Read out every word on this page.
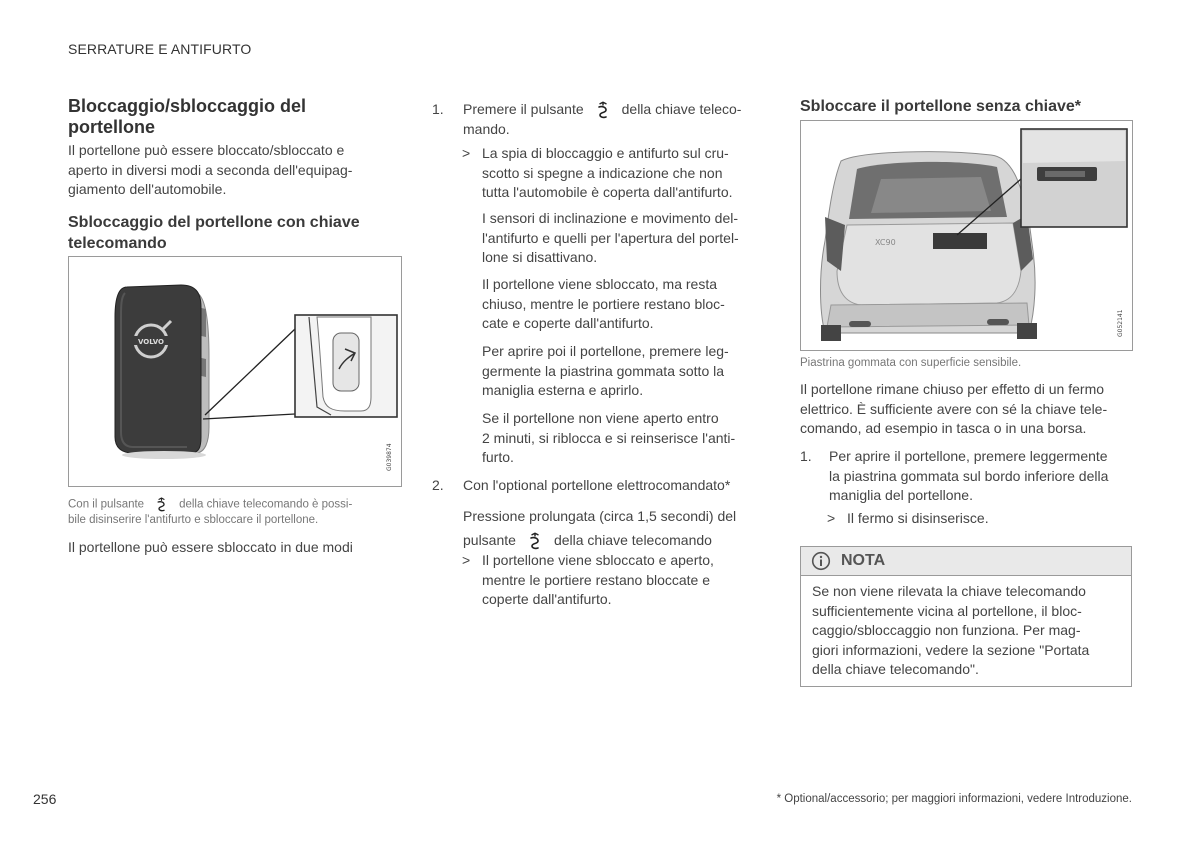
SERRATURE E ANTIFURTO
Bloccaggio/sbloccaggio del
portellone

Il portellone può essere bloccato/sbloccato e
aperto in diversi modi a seconda dell'equipag-
giamento dell'automobile.

Sbloccaggio del portellone con chiave
telecomando
VOLVO
G039874
Con il pulsante	della chiave telecomando è possi-
bile disinserire l'antifurto e sbloccare il portellone.

Il portellone può essere sbloccato in due modi

1. Premere il pulsante	della chiave teleco-
mando.
> La spia di bloccaggio e antifurto sul cru-
scotto si spegne a indicazione che non
tutta l'automobile è coperta dall'antifurto.

I sensori di inclinazione e movimento del-
l'antifurto e quelli per l'apertura del portel-
lone si disattivano.

Il portellone viene sbloccato, ma resta
chiuso, mentre le portiere restano bloc-
cate e coperte dall'antifurto.

Per aprire poi il portellone, premere leg-
germente la piastrina gommata sotto la
maniglia esterna e aprirlo.

Se il portellone non viene aperto entro
2 minuti, si riblocca e si reinserisce l'anti-
furto.

2. Con l'optional portellone elettrocomandato*

Pressione prolungata (circa 1,5 secondi) del
pulsante	della chiave telecomando

> Il portellone viene sbloccato e aperto,
mentre le portiere restano bloccate e
coperte dall'antifurto.
Sbloccare il portellone senza chiave*
XC90
G052141
Piastrina gommata con superficie sensibile.

Il portellone rimane chiuso per effetto di un fermo
elettrico. È sufficiente avere con sé la chiave tele-
comando, ad esempio in tasca o in una borsa.

1. Per aprire il portellone, premere leggermente
la piastrina gommata sul bordo inferiore della
maniglia del portellone.
> Il fermo si disinserisce.
NOTA
Se non viene rilevata la chiave telecomando
sufficientemente vicina al portellone, il bloc-
caggio/sbloccaggio non funziona. Per mag-
giori informazioni, vedere la sezione "Portata
della chiave telecomando".
256	* Optional/accessorio; per maggiori informazioni, vedere Introduzione.
